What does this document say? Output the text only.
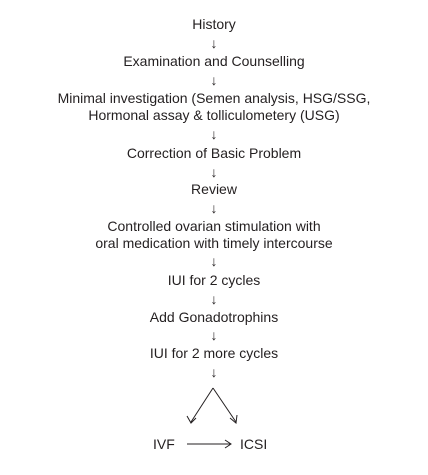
History
↓
Examination and Counselling
↓
Minimal investigation (Semen analysis, HSG/SSG,
Hormonal assay & tolliculometery (USG)
↓
Correction of Basic Problem
↓
Review
↓
Controlled ovarian stimulation with
oral medication with timely intercourse
↓
IUI for 2 cycles
↓
Add Gonadotrophins
↓
IUI for 2 more cycles
↓
IVF	ICSI
